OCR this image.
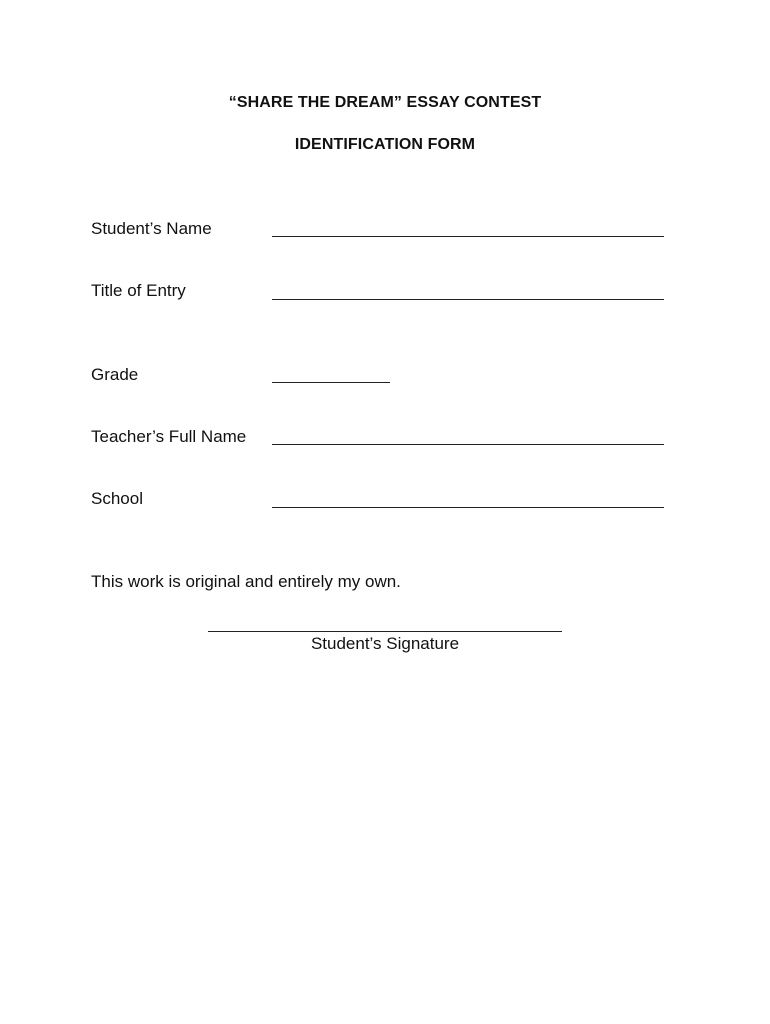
“SHARE THE DREAM” ESSAY CONTEST
IDENTIFICATION FORM
Student’s Name
Title of Entry
Grade
Teacher’s Full Name
School
This work is original and entirely my own.
Student’s Signature
